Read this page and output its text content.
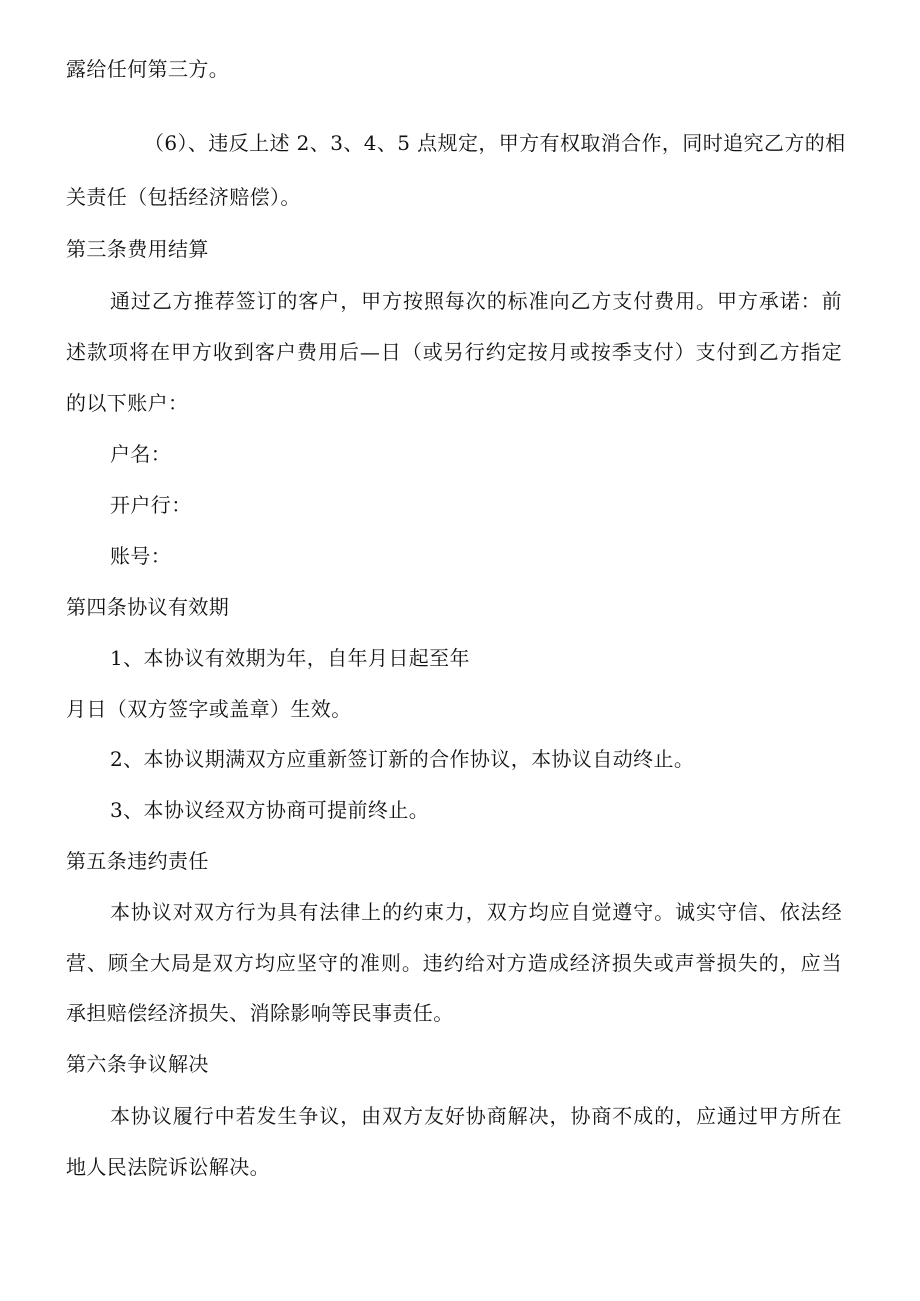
露给任何第三方。
（6）、违反上述 2、3、4、5 点规定，甲方有权取消合作，同时追究乙方的相
关责任（包括经济赔偿）。
第三条费用结算
通过乙方推荐签订的客户，甲方按照每次的标准向乙方支付费用。甲方承诺：前
述款项将在甲方收到客户费用后—日（或另行约定按月或按季支付）支付到乙方指定
的以下账户：
户名：
开户行：
账号：
第四条协议有效期
1、本协议有效期为年，自年月日起至年
月日（双方签字或盖章）生效。
2、本协议期满双方应重新签订新的合作协议，本协议自动终止。
3、本协议经双方协商可提前终止。
第五条违约责任
本协议对双方行为具有法律上的约束力，双方均应自觉遵守。诚实守信、依法经
营、顾全大局是双方均应坚守的准则。违约给对方造成经济损失或声誉损失的，应当
承担赔偿经济损失、消除影响等民事责任。
第六条争议解决
本协议履行中若发生争议，由双方友好协商解决，协商不成的，应通过甲方所在
地人民法院诉讼解决。
